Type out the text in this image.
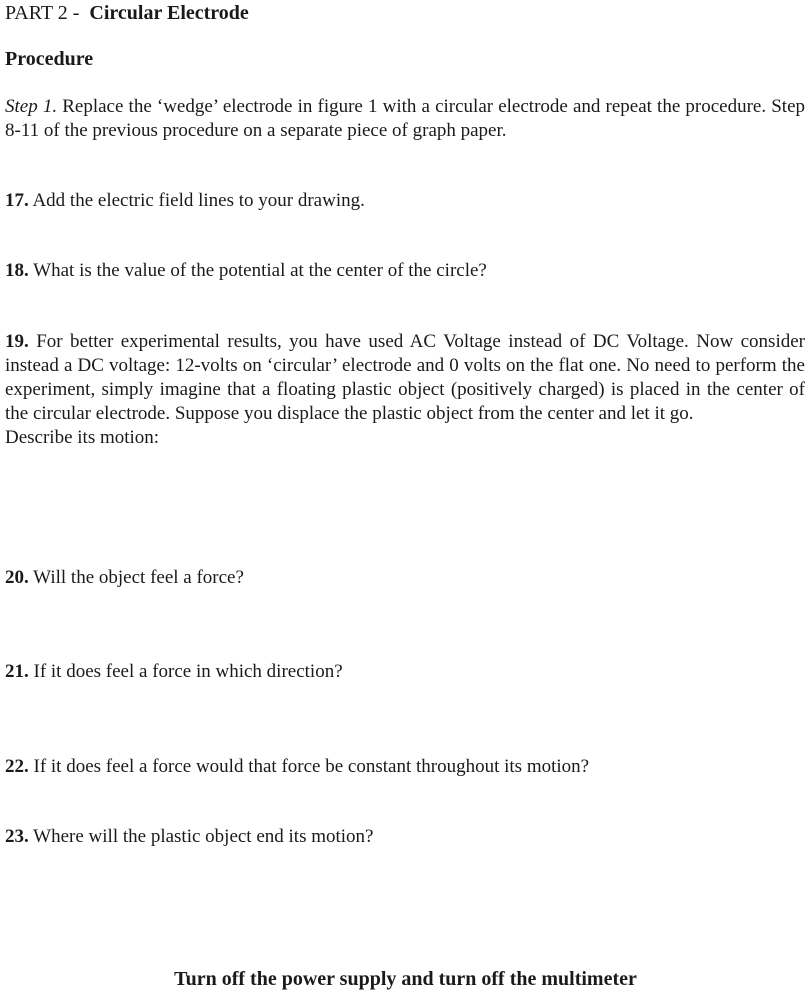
PART 2 - Circular Electrode
Procedure
Step 1. Replace the ‘wedge’ electrode in figure 1 with a circular electrode and repeat the procedure. Step 8-11 of the previous procedure on a separate piece of graph paper.
17. Add the electric field lines to your drawing.
18. What is the value of the potential at the center of the circle?
19. For better experimental results, you have used AC Voltage instead of DC Voltage. Now consider instead a DC voltage: 12-volts on ‘circular’ electrode and 0 volts on the flat one. No need to perform the experiment, simply imagine that a floating plastic object (positively charged) is placed in the center of the circular electrode. Suppose you displace the plastic object from the center and let it go.
Describe its motion:
20. Will the object feel a force?
21. If it does feel a force in which direction?
22. If it does feel a force would that force be constant throughout its motion?
23. Where will the plastic object end its motion?
Turn off the power supply and turn off the multimeter
